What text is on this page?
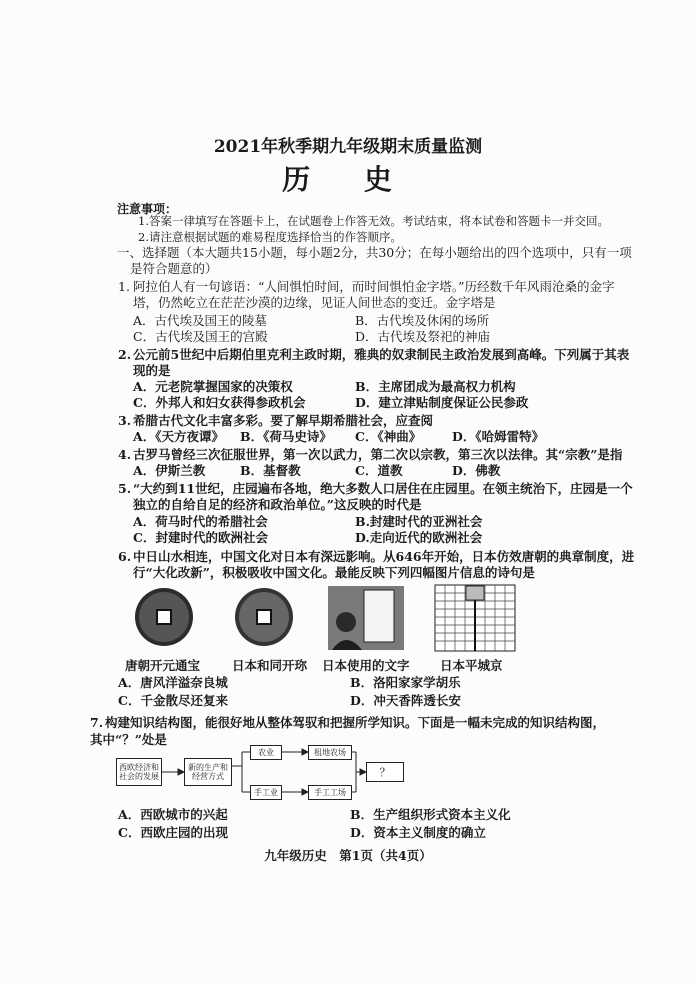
2021年秋季期九年级期末质量监测
历 史
注意事项：
1.答案一律填写在答题卡上，在试题卷上作答无效。考试结束，将本试卷和答题卡一并交回。
2.请注意根据试题的难易程度选择恰当的作答顺序。
一、选择题（本大题共15小题，每小题2分，共30分；在每小题给出的四个选项中，只有一项
是符合题意的）
1. 阿拉伯人有一句谚语：“人间惧怕时间，而时间惧怕金字塔。”历经数千年风雨沧桑的金字
塔，仍然屹立在茫茫沙漠的边缘，见证人间世态的变迁。金字塔是
A．古代埃及国王的陵墓	B．古代埃及休闲的场所
C．古代埃及国王的宫殿	D．古代埃及祭祀的神庙
2. 公元前5世纪中后期伯里克利主政时期，雅典的奴隶制民主政治发展到高峰。下列属于其表
现的是
A．元老院掌握国家的决策权	B．主席团成为最高权力机构
C．外邦人和妇女获得参政机会	D．建立津贴制度保证公民参政
3. 希腊古代文化丰富多彩。要了解早期希腊社会，应查阅
A．《天方夜谭》 B．《荷马史诗》 C．《神曲》 D．《哈姆雷特》
4. 古罗马曾经三次征服世界，第一次以武力，第二次以宗教，第三次以法律。其“宗教”是指
A．伊斯兰教	B．基督教	C．道教	D．佛教
5. “大约到11世纪，庄园遍布各地，绝大多数人口居住在庄园里。在领主统治下，庄园是一个
独立的自给自足的经济和政治单位。”这反映的时代是
A．荷马时代的希腊社会	B.封建时代的亚洲社会
C．封建时代的欧洲社会	D.走向近代的欧洲社会
6. 中日山水相连，中国文化对日本有深远影响。从646年开始，日本仿效唐朝的典章制度，进
行“大化改新”，积极吸收中国文化。最能反映下列四幅图片信息的诗句是
唐朝开元通宝	日本和同开珎 日本使用的文字 日本平城京
A．唐风洋溢奈良城	B．洛阳家家学胡乐
C．千金散尽还复来	D．冲天香阵透长安
7. 构建知识结构图，能很好地从整体驾驭和把握所学知识。下面是一幅未完成的知识结构图，
其中“？”处是
西欧经济和社会的发展
新的生产和经营方式
农业	租地农场
手工业	手工工场
？
A．西欧城市的兴起	B．生产组织形式资本主义化
C．西欧庄园的出现	D．资本主义制度的确立
九年级历史　第1页（共4页）
